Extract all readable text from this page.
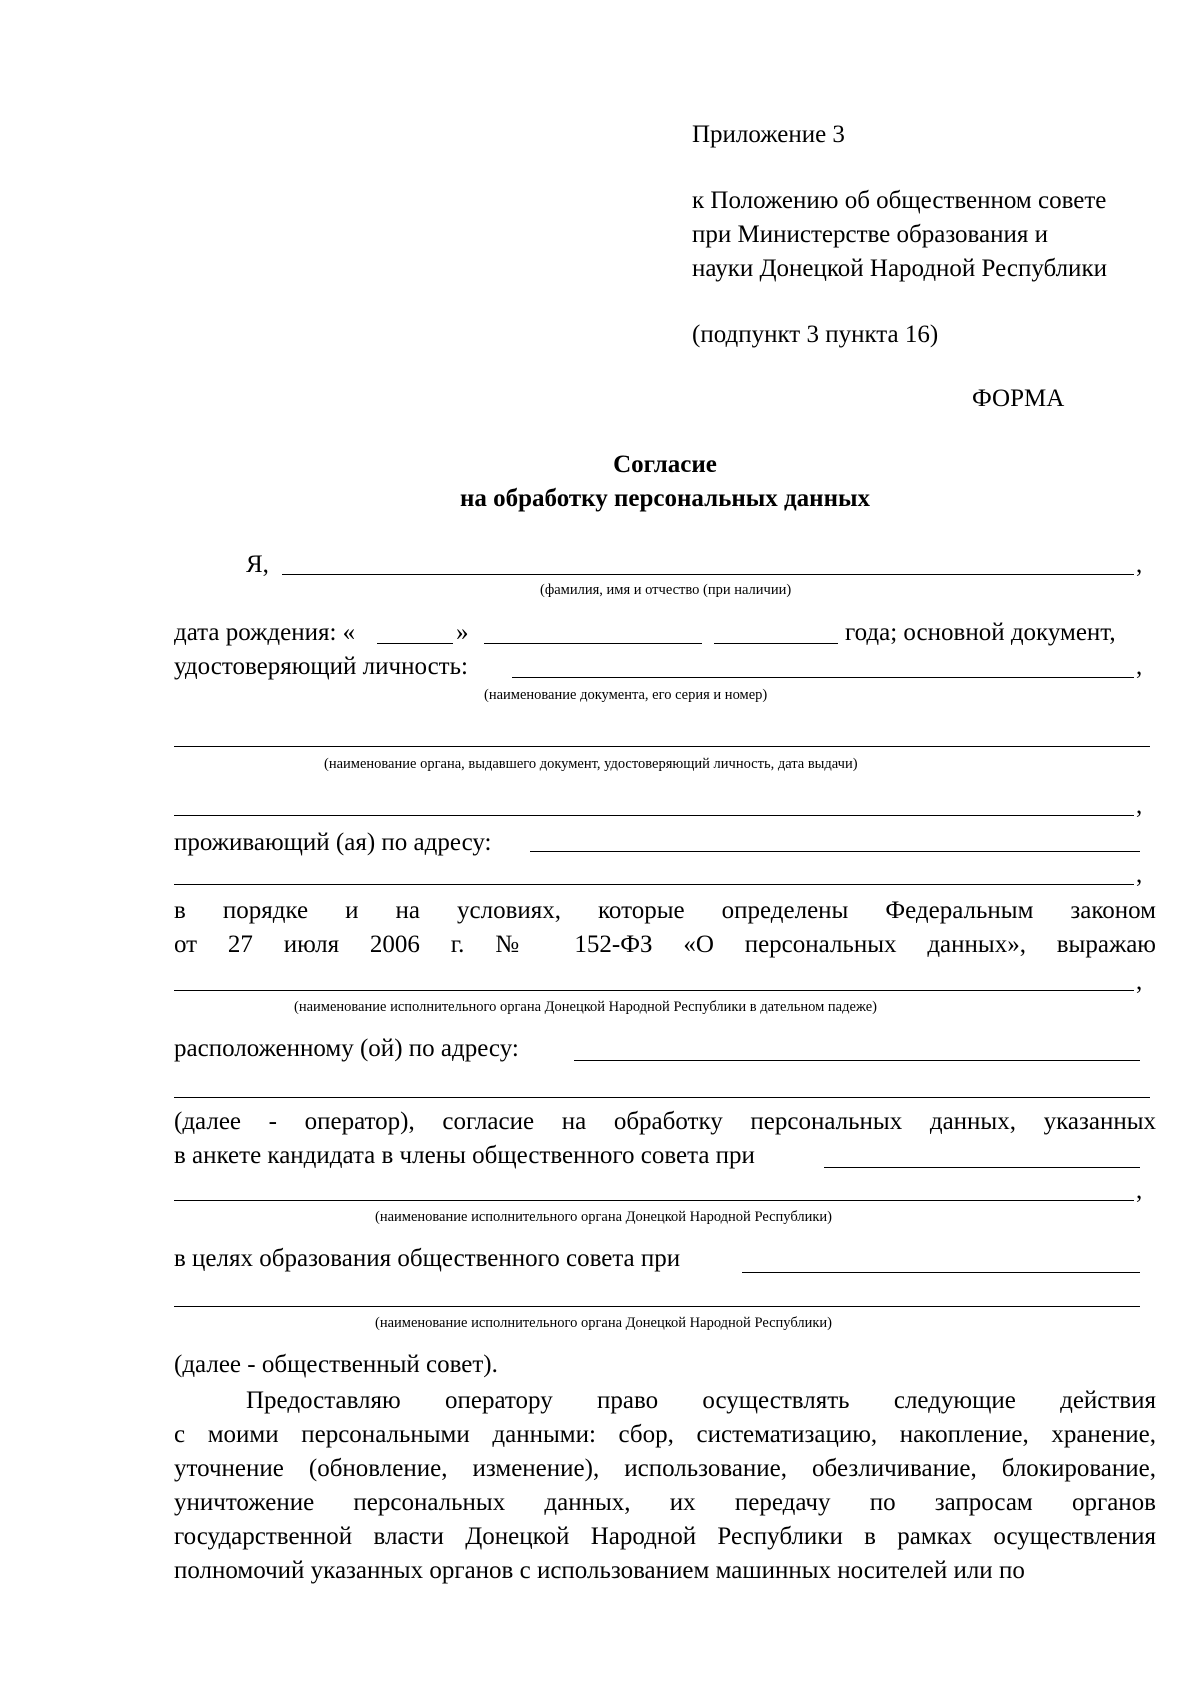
Приложение 3
к Положению об общественном совете
при Министерстве образования и
науки Донецкой Народной Республики
(подпункт 3 пункта 16)
ФОРМА
Согласие
на обработку персональных данных
Я,	,
(фамилия, имя и отчество (при наличии)
дата рождения: «	»	года; основной документ,
удостоверяющий личность:	,
(наименование документа, его серия и номер)
(наименование органа, выдавшего документ, удостоверяющий личность, дата выдачи)
,
проживающий (ая) по адресу:
,
в порядке и на условиях, которые определены Федеральным законом
от 27 июля 2006 г. № 152-ФЗ «О персональных данных», выражаю
,
(наименование исполнительного органа Донецкой Народной Республики в дательном падеже)
расположенному (ой) по адресу:
(далее - оператор), согласие на обработку персональных данных, указанных
в анкете кандидата в члены общественного совета при
,
(наименование исполнительного органа Донецкой Народной Республики)
в целях образования общественного совета при
(наименование исполнительного органа Донецкой Народной Республики)
(далее - общественный совет).
Предоставляю оператору право осуществлять следующие действия
с моими персональными данными: сбор, систематизацию, накопление, хранение,
уточнение (обновление, изменение), использование, обезличивание, блокирование,
уничтожение персональных данных, их передачу по запросам органов
государственной власти Донецкой Народной Республики в рамках осуществления
полномочий указанных органов с использованием машинных носителей или по
